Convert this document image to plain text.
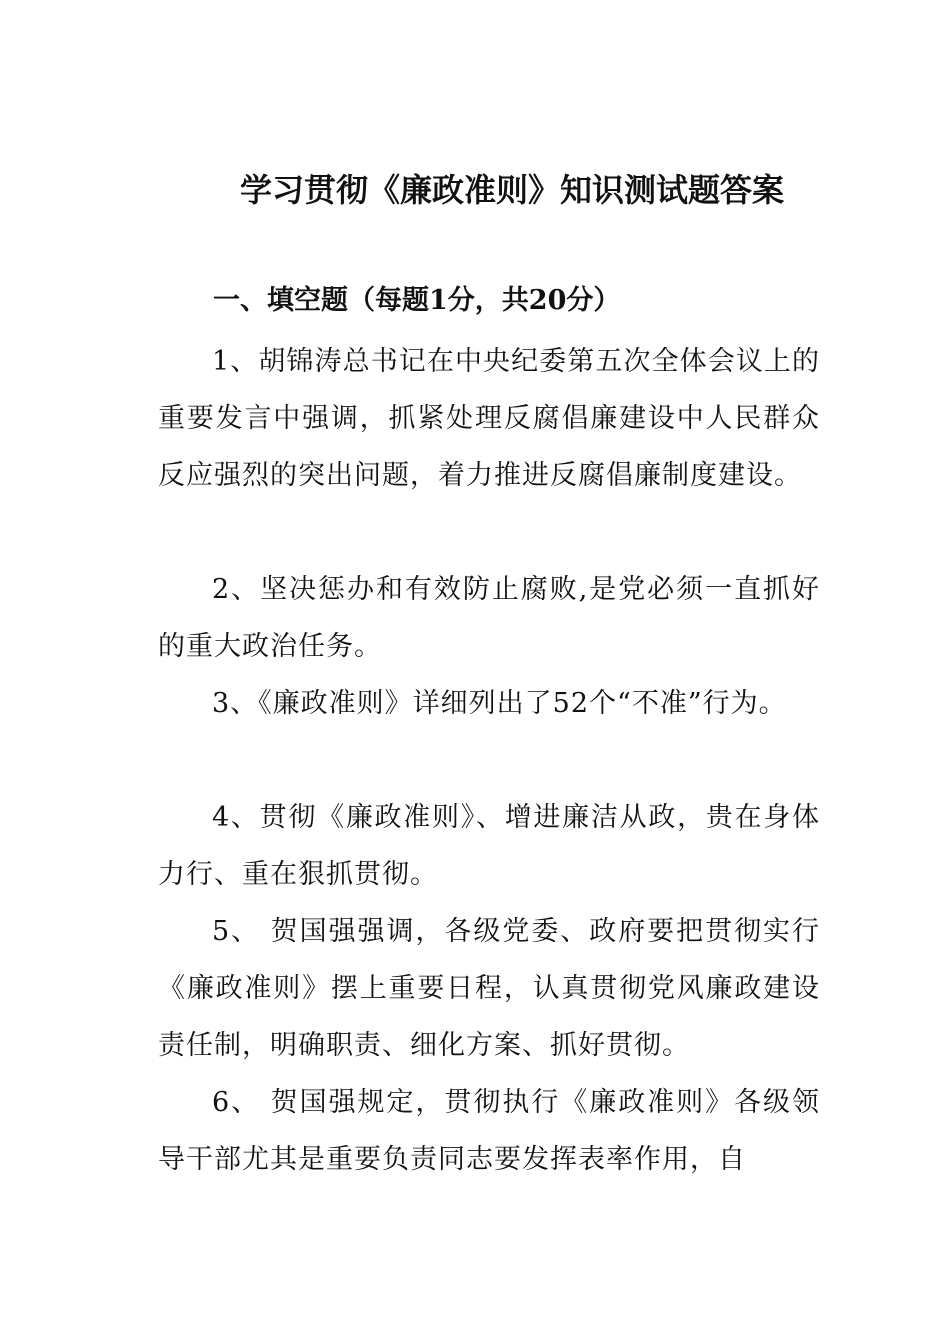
学习贯彻《廉政准则》知识测试题答案
一、填空题（每题1分，共20分）

1、胡锦涛总书记在中央纪委第五次全体会议上的重要发言中强调，抓紧处理反腐倡廉建设中人民群众反应强烈的突出问题，着力推进反腐倡廉制度建设。

2、坚决惩办和有效防止腐败,是党必须一直抓好的重大政治任务。

3、《廉政准则》详细列出了52个“不准”行为。

4、贯彻《廉政准则》、增进廉洁从政，贵在身体力行、重在狠抓贯彻。

5、 贺国强强调，各级党委、政府要把贯彻实行《廉政准则》摆上重要日程，认真贯彻党风廉政建设责任制，明确职责、细化方案、抓好贯彻。

6、 贺国强规定，贯彻执行《廉政准则》各级领导干部尤其是重要负责同志要发挥表率作用，自
